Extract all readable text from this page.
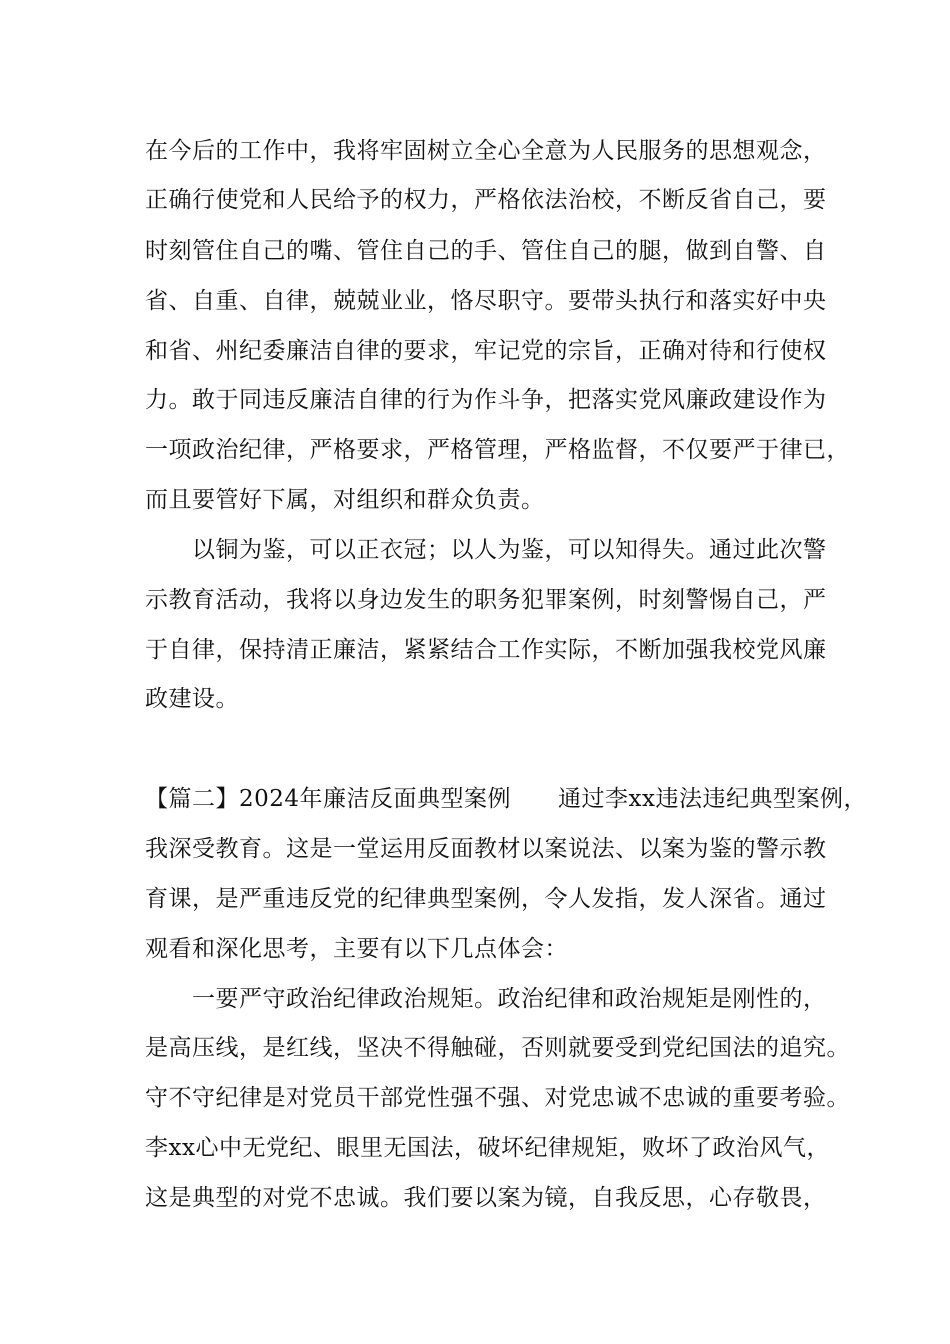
在今后的工作中，我将牢固树立全心全意为人民服务的思想观念，
正确行使党和人民给予的权力，严格依法治校，不断反省自己，要
时刻管住自己的嘴、管住自己的手、管住自己的腿，做到自警、自
省、自重、自律，兢兢业业，恪尽职守。要带头执行和落实好中央
和省、州纪委廉洁自律的要求，牢记党的宗旨，正确对待和行使权
力。敢于同违反廉洁自律的行为作斗争，把落实党风廉政建设作为
一项政治纪律，严格要求，严格管理，严格监督，不仅要严于律已，
而且要管好下属，对组织和群众负责。
　　以铜为鉴，可以正衣冠；以人为鉴，可以知得失。通过此次警
示教育活动，我将以身边发生的职务犯罪案例，时刻警惕自己，严
于自律，保持清正廉洁，紧紧结合工作实际，不断加强我校党风廉
政建设。
【篇二】2024年廉洁反面典型案例　　通过李xx违法违纪典型案例，
我深受教育。这是一堂运用反面教材以案说法、以案为鉴的警示教
育课，是严重违反党的纪律典型案例，令人发指，发人深省。通过
观看和深化思考，主要有以下几点体会：
　　一要严守政治纪律政治规矩。政治纪律和政治规矩是刚性的，
是高压线，是红线，坚决不得触碰，否则就要受到党纪国法的追究。
守不守纪律是对党员干部党性强不强、对党忠诚不忠诚的重要考验。
李xx心中无党纪、眼里无国法，破坏纪律规矩，败坏了政治风气，
这是典型的对党不忠诚。我们要以案为镜，自我反思，心存敬畏，
